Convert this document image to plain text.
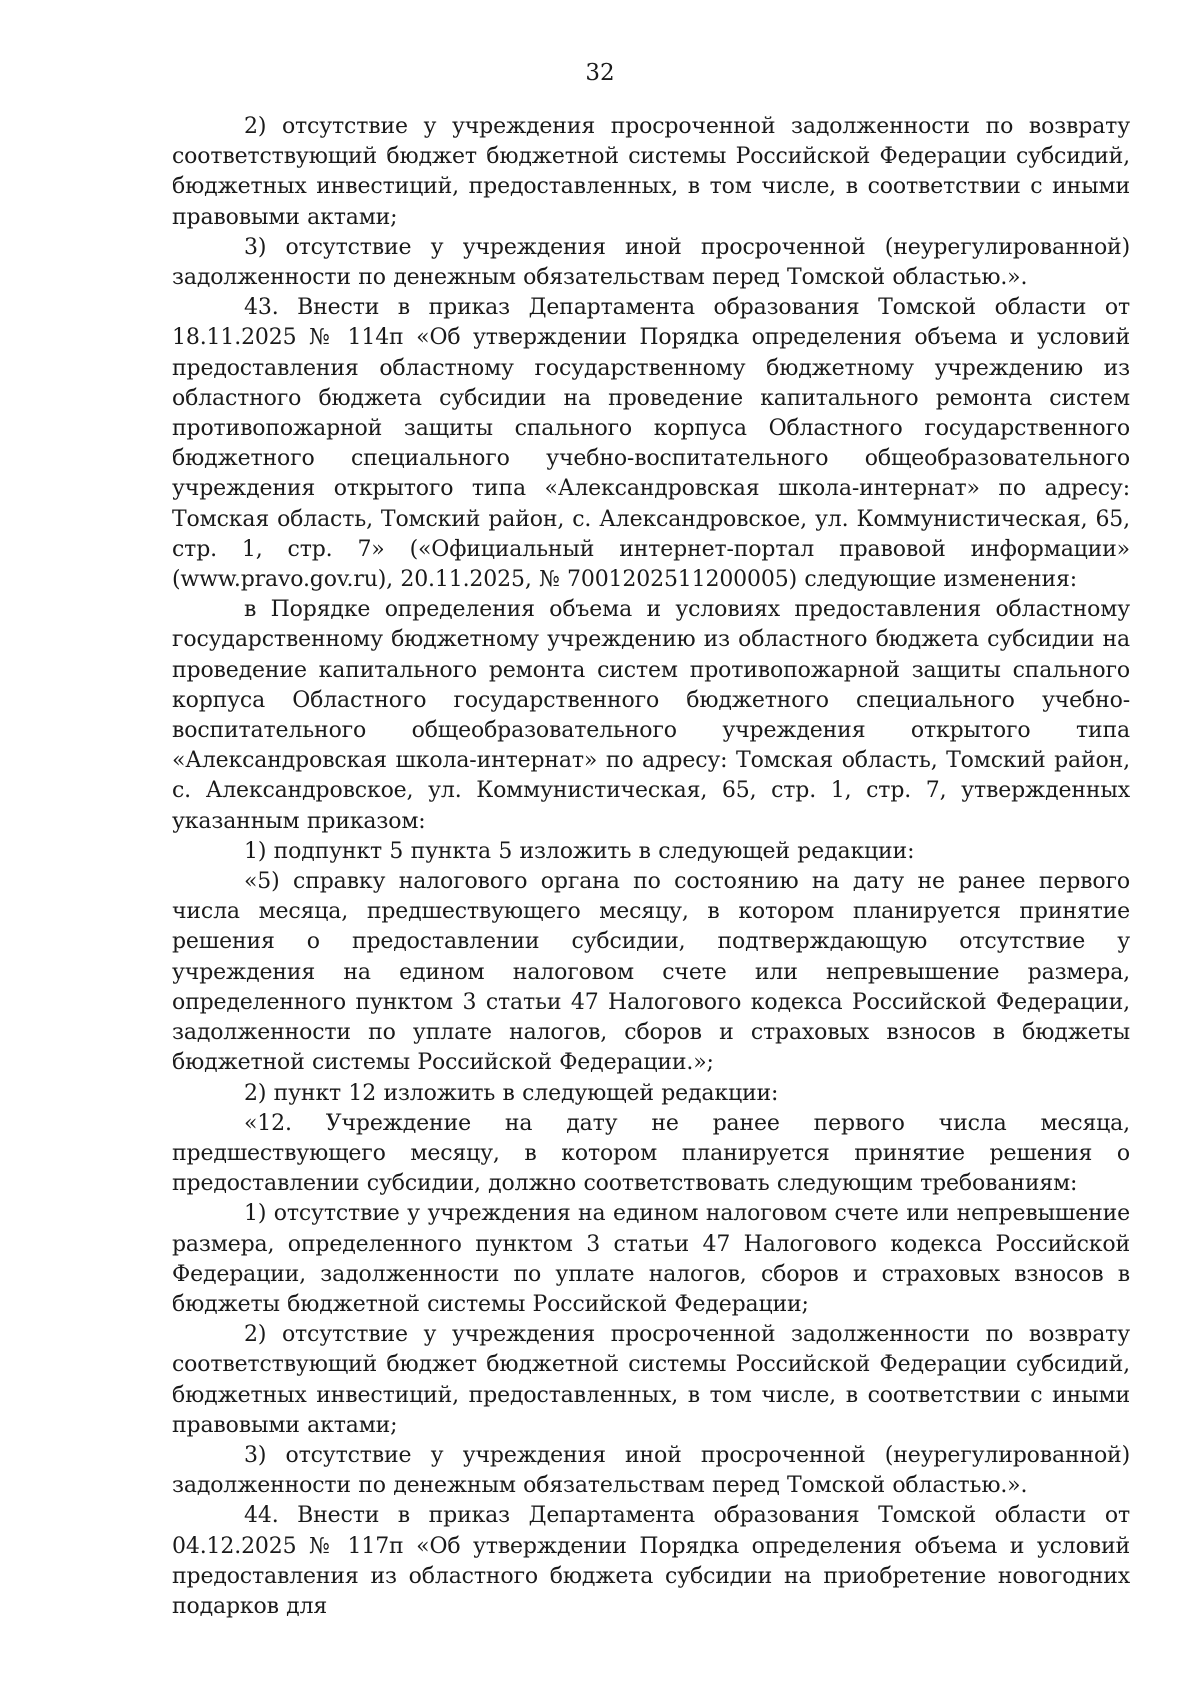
32

2) отсутствие у учреждения просроченной задолженности по возврату соответствующий бюджет бюджетной системы Российской Федерации субсидий, бюджетных инвестиций, предоставленных, в том числе, в соответствии с иными правовыми актами;

3) отсутствие у учреждения иной просроченной (неурегулированной) задолженности по денежным обязательствам перед Томской областью.».

43. Внести в приказ Департамента образования Томской области от 18.11.2025 № 114п «Об утверждении Порядка определения объема и условий предоставления областному государственному бюджетному учреждению из областного бюджета субсидии на проведение капитального ремонта систем противопожарной защиты спального корпуса Областного государственного бюджетного специального учебно-воспитательного общеобразовательного учреждения открытого типа «Александровская школа-интернат» по адресу: Томская область, Томский район, с. Александровское, ул. Коммунистическая, 65, стр. 1, стр. 7» («Официальный интернет-портал правовой информации» (www.pravo.gov.ru), 20.11.2025, № 7001202511200005) следующие изменения:

в Порядке определения объема и условиях предоставления областному государственному бюджетному учреждению из областного бюджета субсидии на проведение капитального ремонта систем противопожарной защиты спального корпуса Областного государственного бюджетного специального учебно-воспитательного общеобразовательного учреждения открытого типа «Александровская школа-интернат» по адресу: Томская область, Томский район, с. Александровское, ул. Коммунистическая, 65, стр. 1, стр. 7, утвержденных указанным приказом:

1) подпункт 5 пункта 5 изложить в следующей редакции:

«5) справку налогового органа по состоянию на дату не ранее первого числа месяца, предшествующего месяцу, в котором планируется принятие решения о предоставлении субсидии, подтверждающую отсутствие у учреждения на едином налоговом счете или непревышение размера, определенного пунктом 3 статьи 47 Налогового кодекса Российской Федерации, задолженности по уплате налогов, сборов и страховых взносов в бюджеты бюджетной системы Российской Федерации.»;

2) пункт 12 изложить в следующей редакции:

«12. Учреждение на дату не ранее первого числа месяца, предшествующего месяцу, в котором планируется принятие решения о предоставлении субсидии, должно соответствовать следующим требованиям:

1) отсутствие у учреждения на едином налоговом счете или непревышение размера, определенного пунктом 3 статьи 47 Налогового кодекса Российской Федерации, задолженности по уплате налогов, сборов и страховых взносов в бюджеты бюджетной системы Российской Федерации;

2) отсутствие у учреждения просроченной задолженности по возврату соответствующий бюджет бюджетной системы Российской Федерации субсидий, бюджетных инвестиций, предоставленных, в том числе, в соответствии с иными правовыми актами;

3) отсутствие у учреждения иной просроченной (неурегулированной) задолженности по денежным обязательствам перед Томской областью.».

44. Внести в приказ Департамента образования Томской области от 04.12.2025 № 117п «Об утверждении Порядка определения объема и условий предоставления из областного бюджета субсидии на приобретение новогодних подарков для
